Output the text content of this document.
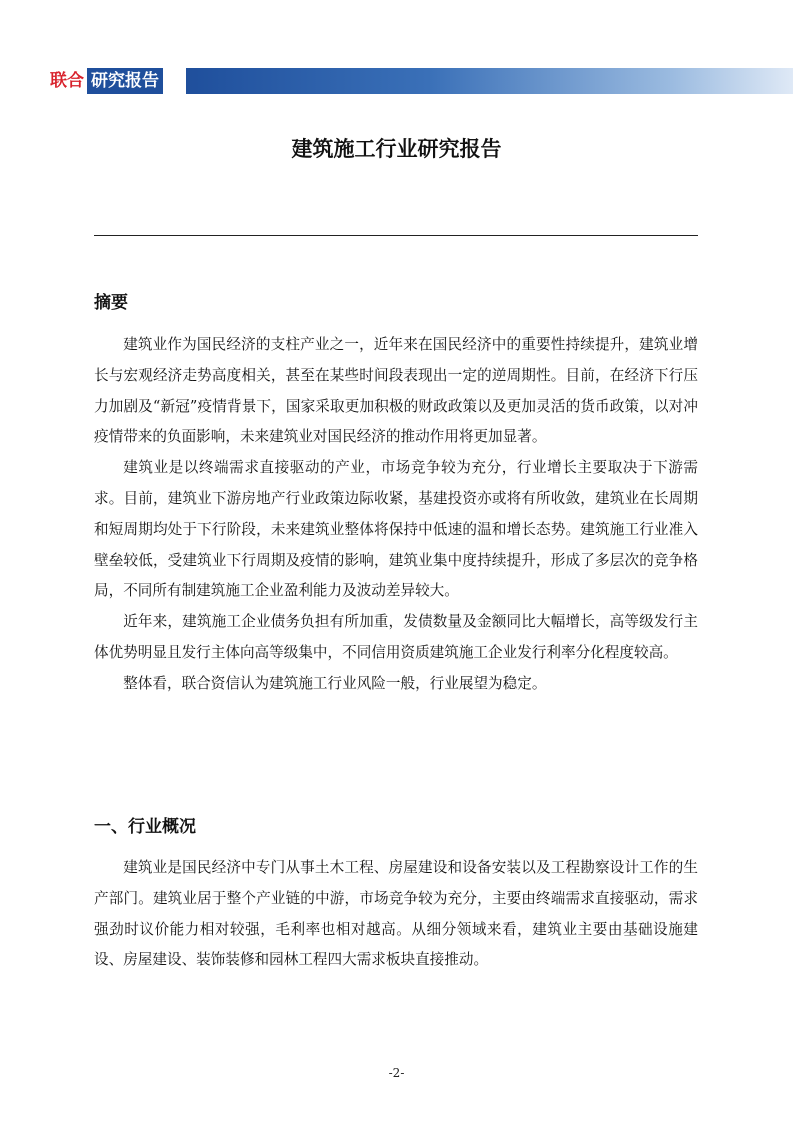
联合 研究报告
建筑施工行业研究报告
摘要

建筑业作为国民经济的支柱产业之一，近年来在国民经济中的重要性持续提升，建筑业增长与宏观经济走势高度相关，甚至在某些时间段表现出一定的逆周期性。目前，在经济下行压力加剧及“新冠”疫情背景下，国家采取更加积极的财政政策以及更加灵活的货币政策，以对冲疫情带来的负面影响，未来建筑业对国民经济的推动作用将更加显著。

建筑业是以终端需求直接驱动的产业，市场竞争较为充分，行业增长主要取决于下游需求。目前，建筑业下游房地产行业政策边际收紧，基建投资亦或将有所收敛，建筑业在长周期和短周期均处于下行阶段，未来建筑业整体将保持中低速的温和增长态势。建筑施工行业准入壁垒较低，受建筑业下行周期及疫情的影响，建筑业集中度持续提升，形成了多层次的竞争格局，不同所有制建筑施工企业盈利能力及波动差异较大。

近年来，建筑施工企业债务负担有所加重，发债数量及金额同比大幅增长，高等级发行主体优势明显且发行主体向高等级集中，不同信用资质建筑施工企业发行利率分化程度较高。

整体看，联合资信认为建筑施工行业风险一般，行业展望为稳定。

一、行业概况

建筑业是国民经济中专门从事土木工程、房屋建设和设备安装以及工程勘察设计工作的生产部门。建筑业居于整个产业链的中游，市场竞争较为充分，主要由终端需求直接驱动，需求强劲时议价能力相对较强，毛利率也相对越高。从细分领域来看，建筑业主要由基础设施建设、房屋建设、装饰装修和园林工程四大需求板块直接推动。

-2-
